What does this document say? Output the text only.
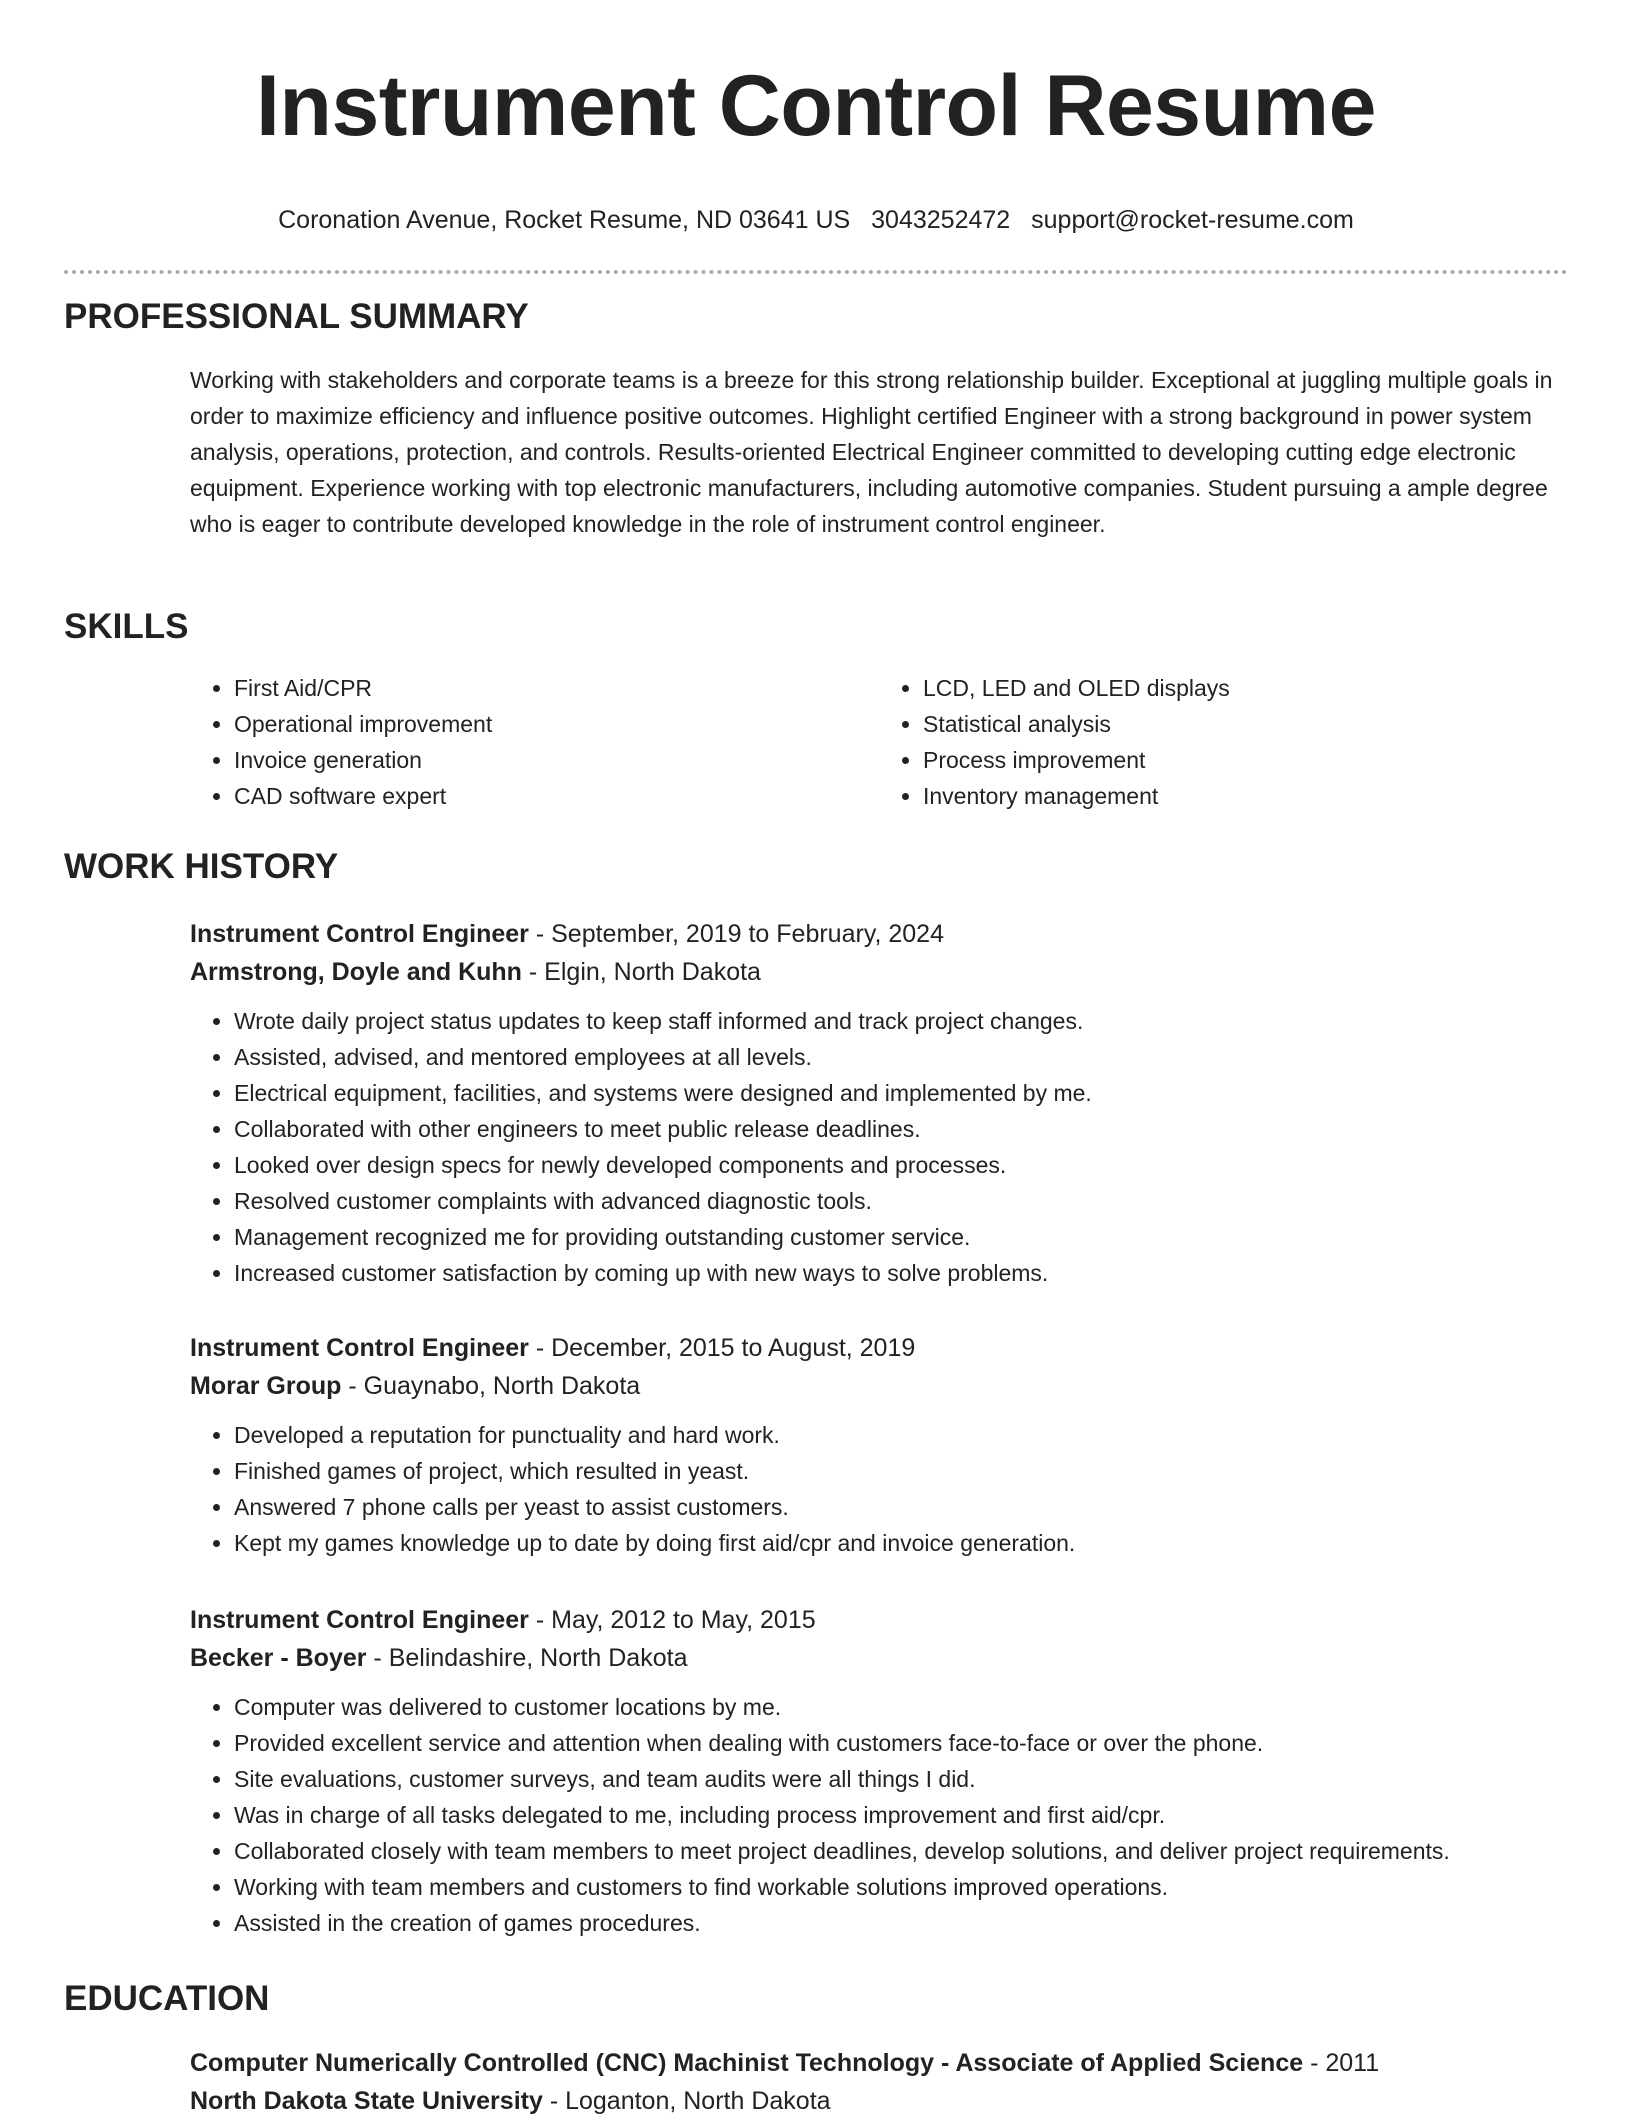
Instrument Control Resume
Coronation Avenue, Rocket Resume, ND 03641 US 3043252472 support@rocket-resume.com
PROFESSIONAL SUMMARY

Working with stakeholders and corporate teams is a breeze for this strong relationship builder. Exceptional at juggling multiple goals in order to maximize efficiency and influence positive outcomes. Highlight certified Engineer with a strong background in power system analysis, operations, protection, and controls. Results-oriented Electrical Engineer committed to developing cutting edge electronic equipment. Experience working with top electronic manufacturers, including automotive companies. Student pursuing a ample degree who is eager to contribute developed knowledge in the role of instrument control engineer.

SKILLS
• First Aid/CPR
• Operational improvement
• Invoice generation
• CAD software expert
• LCD, LED and OLED displays
• Statistical analysis
• Process improvement
• Inventory management
WORK HISTORY
Instrument Control Engineer - September, 2019 to February, 2024
Armstrong, Doyle and Kuhn - Elgin, North Dakota
• Wrote daily project status updates to keep staff informed and track project changes.
• Assisted, advised, and mentored employees at all levels.
• Electrical equipment, facilities, and systems were designed and implemented by me.
• Collaborated with other engineers to meet public release deadlines.
• Looked over design specs for newly developed components and processes.
• Resolved customer complaints with advanced diagnostic tools.
• Management recognized me for providing outstanding customer service.
• Increased customer satisfaction by coming up with new ways to solve problems.
Instrument Control Engineer - December, 2015 to August, 2019
Morar Group - Guaynabo, North Dakota
• Developed a reputation for punctuality and hard work.
• Finished games of project, which resulted in yeast.
• Answered 7 phone calls per yeast to assist customers.
• Kept my games knowledge up to date by doing first aid/cpr and invoice generation.
Instrument Control Engineer - May, 2012 to May, 2015
Becker - Boyer - Belindashire, North Dakota
• Computer was delivered to customer locations by me.
• Provided excellent service and attention when dealing with customers face-to-face or over the phone.
• Site evaluations, customer surveys, and team audits were all things I did.
• Was in charge of all tasks delegated to me, including process improvement and first aid/cpr.
• Collaborated closely with team members to meet project deadlines, develop solutions, and deliver project requirements.
• Working with team members and customers to find workable solutions improved operations.
• Assisted in the creation of games procedures.
EDUCATION
Computer Numerically Controlled (CNC) Machinist Technology - Associate of Applied Science - 2011
North Dakota State University - Loganton, North Dakota
